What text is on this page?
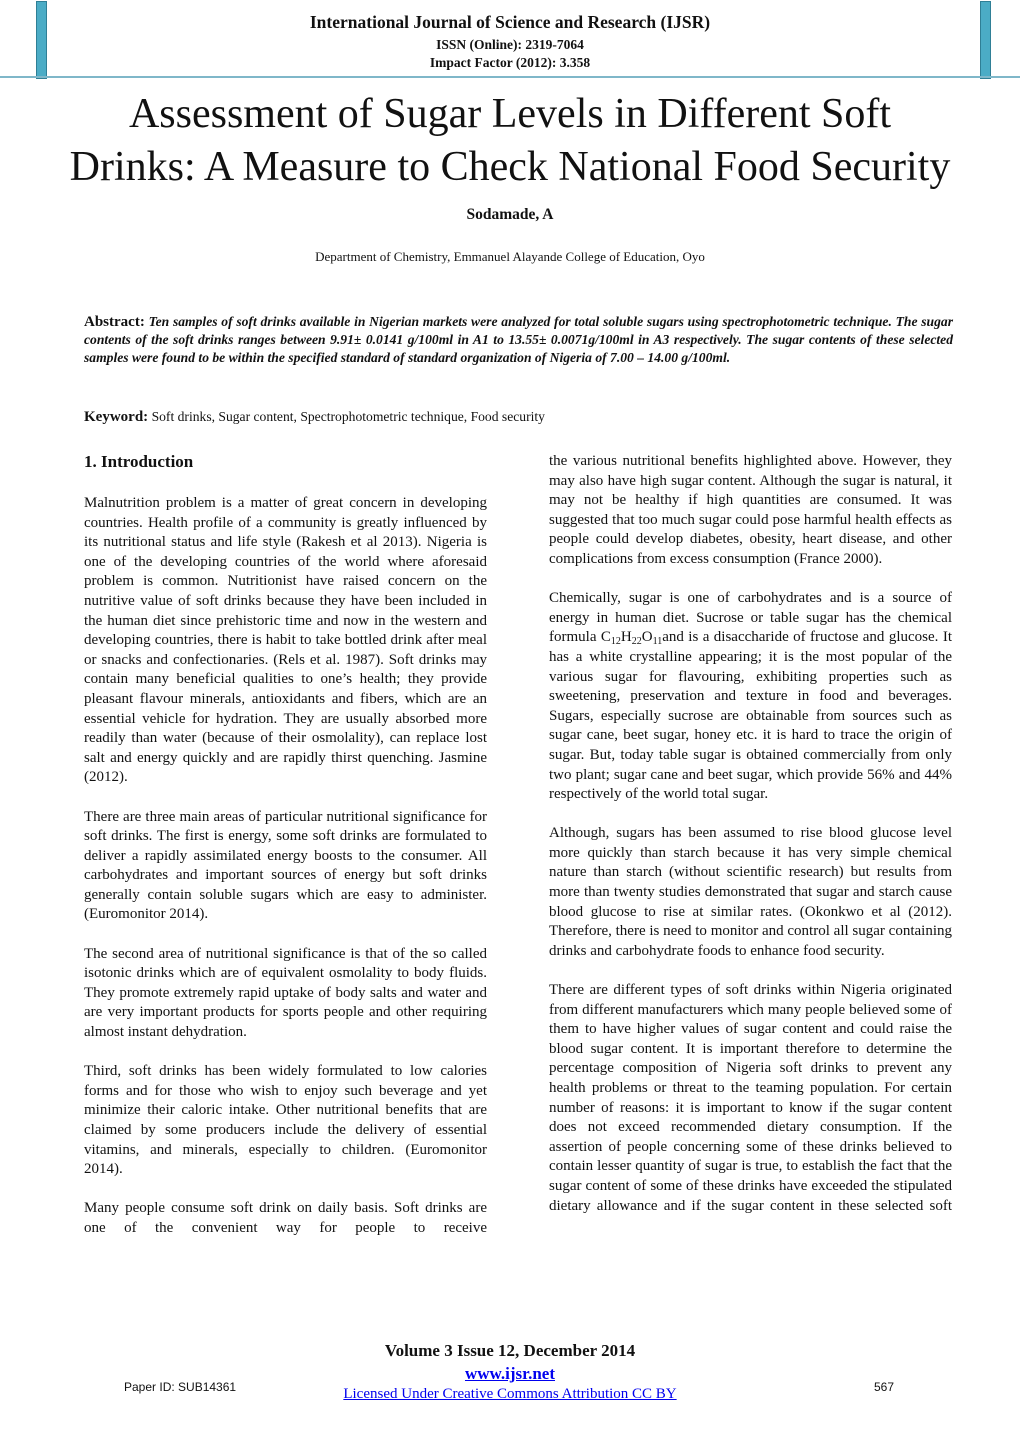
International Journal of Science and Research (IJSR)
ISSN (Online): 2319-7064
Impact Factor (2012): 3.358
Assessment of Sugar Levels in Different Soft
Drinks: A Measure to Check National Food Security
Sodamade, A
Department of Chemistry, Emmanuel Alayande College of Education, Oyo
Abstract: Ten samples of soft drinks available in Nigerian markets were analyzed for total soluble sugars using spectrophotometric technique. The sugar contents of the soft drinks ranges between 9.91± 0.0141 g/100ml in A1 to 13.55± 0.0071g/100ml in A3 respectively. The sugar contents of these selected samples were found to be within the specified standard of standard organization of Nigeria of 7.00 – 14.00 g/100ml.
Keyword: Soft drinks, Sugar content, Spectrophotometric technique, Food security
1. Introduction

Malnutrition problem is a matter of great concern in developing countries. Health profile of a community is greatly influenced by its nutritional status and life style (Rakesh et al 2013). Nigeria is one of the developing countries of the world where aforesaid problem is common. Nutritionist have raised concern on the nutritive value of soft drinks because they have been included in the human diet since prehistoric time and now in the western and developing countries, there is habit to take bottled drink after meal or snacks and confectionaries. (Rels et al. 1987). Soft drinks may contain many beneficial qualities to one’s health; they provide pleasant flavour minerals, antioxidants and fibers, which are an essential vehicle for hydration. They are usually absorbed more readily than water (because of their osmolality), can replace lost salt and energy quickly and are rapidly thirst quenching. Jasmine (2012).

There are three main areas of particular nutritional significance for soft drinks. The first is energy, some soft drinks are formulated to deliver a rapidly assimilated energy boosts to the consumer. All carbohydrates and important sources of energy but soft drinks generally contain soluble sugars which are easy to administer. (Euromonitor 2014).

The second area of nutritional significance is that of the so called isotonic drinks which are of equivalent osmolality to body fluids. They promote extremely rapid uptake of body salts and water and are very important products for sports people and other requiring almost instant dehydration.

Third, soft drinks has been widely formulated to low calories forms and for those who wish to enjoy such beverage and yet minimize their caloric intake. Other nutritional benefits that are claimed by some producers include the delivery of essential vitamins, and minerals, especially to children. (Euromonitor 2014).

Many people consume soft drink on daily basis. Soft drinks are one of the convenient way for people to receive

the various nutritional benefits highlighted above. However, they may also have high sugar content. Although the sugar is natural, it may not be healthy if high quantities are consumed. It was suggested that too much sugar could pose harmful health effects as people could develop diabetes, obesity, heart disease, and other complications from excess consumption (France 2000).

Chemically, sugar is one of carbohydrates and is a source of energy in human diet. Sucrose or table sugar has the chemical formula $C_{12}H_{22}O_{11}and$ is a disaccharide of fructose and glucose. It has a white crystalline appearing; it is the most popular of the various sugar for flavouring, exhibiting properties such as sweetening, preservation and texture in food and beverages. Sugars, especially sucrose are obtainable from sources such as sugar cane, beet sugar, honey etc. it is hard to trace the origin of sugar. But, today table sugar is obtained commercially from only two plant; sugar cane and beet sugar, which provide 56% and 44% respectively of the world total sugar.

Although, sugars has been assumed to rise blood glucose level more quickly than starch because it has very simple chemical nature than starch (without scientific research) but results from more than twenty studies demonstrated that sugar and starch cause blood glucose to rise at similar rates. (Okonkwo et al (2012). Therefore, there is need to monitor and control all sugar containing drinks and carbohydrate foods to enhance food security.

There are different types of soft drinks within Nigeria originated from different manufacturers which many people believed some of them to have higher values of sugar content and could raise the blood sugar content. It is important therefore to determine the percentage composition of Nigeria soft drinks to prevent any health problems or threat to the teaming population. For certain number of reasons: it is important to know if the sugar content does not exceed recommended dietary consumption. If the assertion of people concerning some of these drinks believed to contain lesser quantity of sugar is true, to establish the fact that the sugar content of some of these drinks have exceeded the stipulated dietary allowance and if the sugar content in these selected soft

Volume 3 Issue 12, December 2014
www.ijsr.net
Licensed Under Creative Commons Attribution CC BY
Paper ID: SUB14361	567
